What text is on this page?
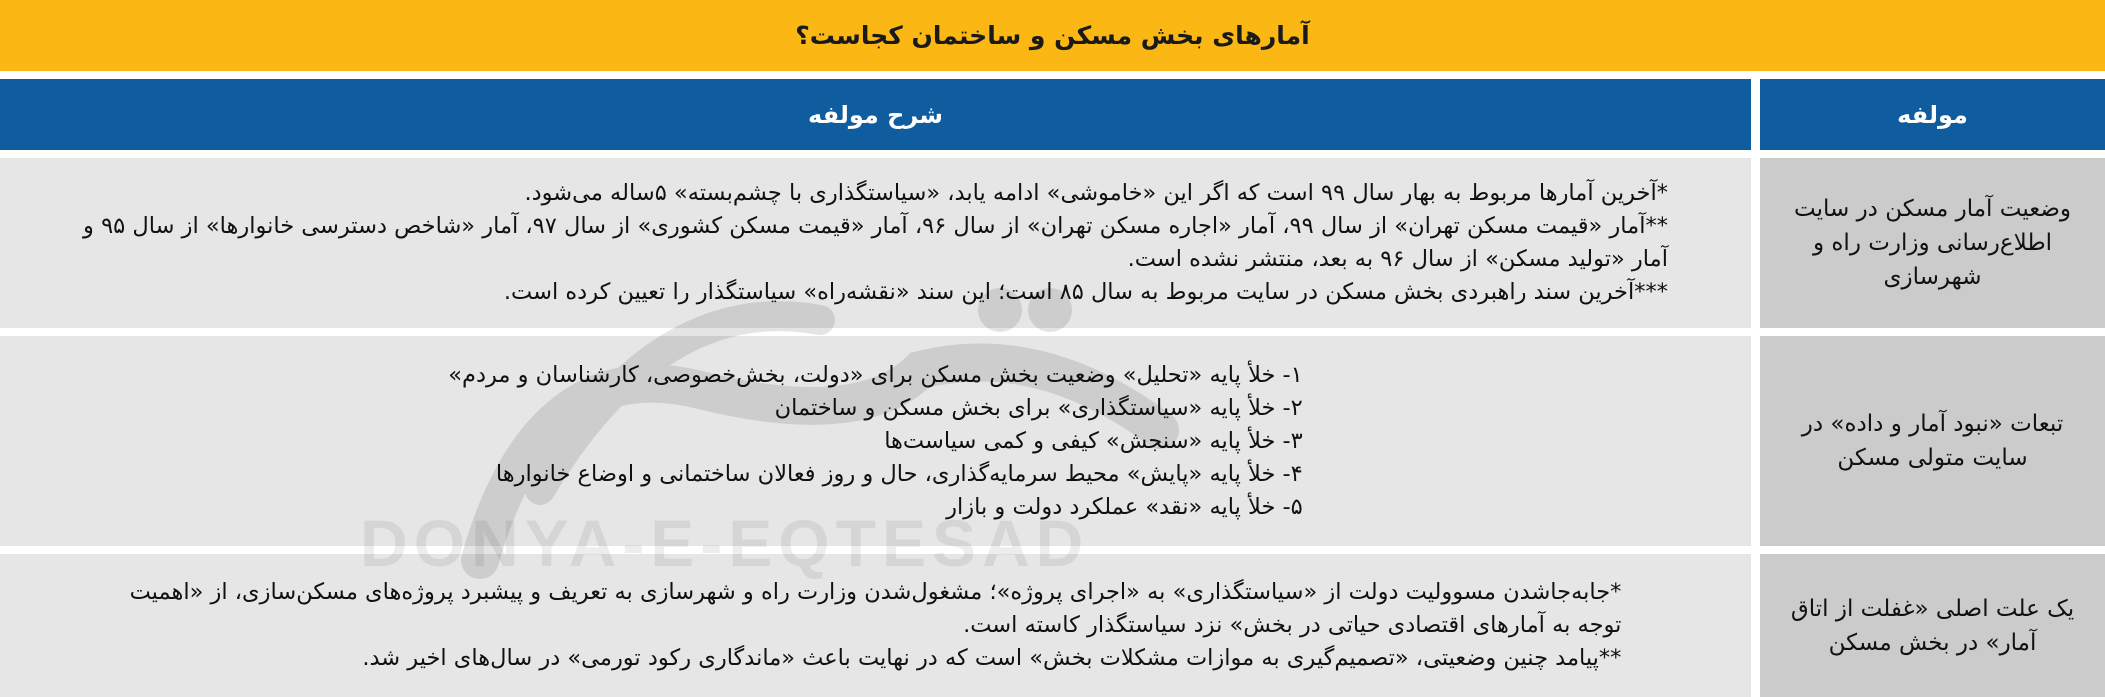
آمارهای بخش مسکن و ساختمان کجاست؟
مولفه
شرح مولفه
وضعیت آمار مسکن در سایت اطلاع‌رسانی وزارت راه و شهرسازی
*آخرین آمارها مربوط به بهار سال ۹۹ است که اگر این «خاموشی» ادامه یابد، «سیاستگذاری با چشم‌بسته» ۵ساله می‌شود.
**آمار «قیمت مسکن تهران» از سال ۹۹، آمار «اجاره مسکن تهران» از سال ۹۶، آمار «قیمت مسکن کشوری» از سال ۹۷، آمار «شاخص دسترسی خانوارها» از سال ۹۵ و
آمار «تولید مسکن» از سال ۹۶ به بعد، منتشر نشده است.
***آخرین سند راهبردی بخش مسکن در سایت مربوط به سال ۸۵ است؛ این سند «نقشه‌راه» سیاستگذار را تعیین کرده است.
تبعات «نبود آمار و داده» در سایت متولی مسکن
۱- خلأ پایه «تحلیل» وضعیت بخش مسکن برای «دولت، بخش‌خصوصی، کارشناسان و مردم»
۲- خلأ پایه «سیاستگذاری» برای بخش مسکن و ساختمان
۳- خلأ پایه «سنجش» کیفی و کمی سیاست‌ها
۴- خلأ پایه «پایش» محیط سرمایه‌گذاری، حال و روز فعالان ساختمانی و اوضاع خانوارها
۵- خلأ پایه «نقد» عملکرد دولت و بازار
یک علت اصلی «غفلت از اتاق آمار» در بخش مسکن
*جابه‌جاشدن مسوولیت دولت از «سیاستگذاری» به «اجرای پروژه»؛ مشغول‌شدن وزارت راه و شهرسازی به تعریف و پیشبرد پروژه‌های مسکن‌سازی، از «اهمیت
توجه به آمارهای اقتصادی حیاتی در بخش» نزد سیاستگذار کاسته است.
**پیامد چنین وضعیتی، «تصمیم‌گیری به موازات مشکلات بخش» است که در نهایت باعث «ماندگاری رکود تورمی» در سال‌های اخیر شد.
DONYA-E-EQTESAD
